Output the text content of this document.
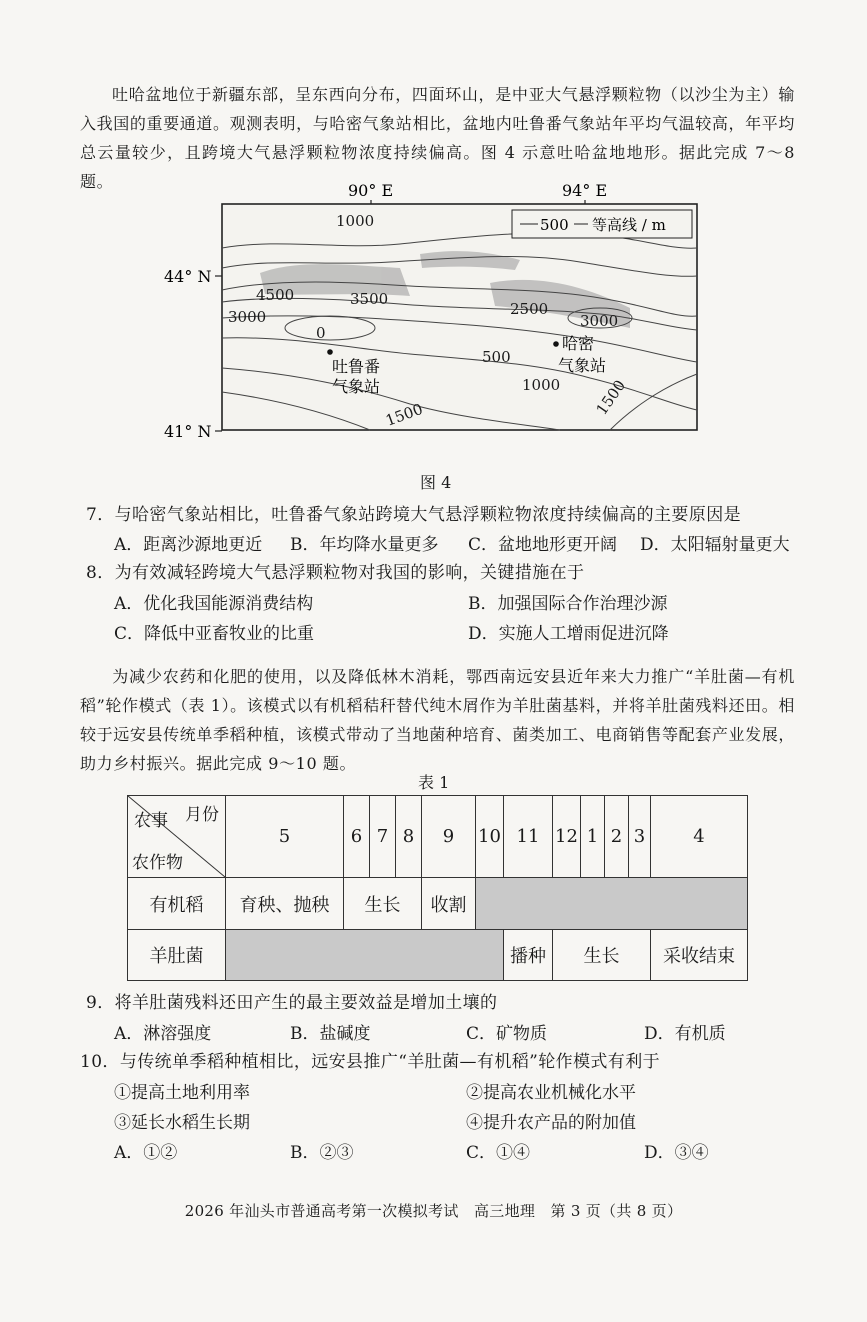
吐哈盆地位于新疆东部，呈东西向分布，四面环山，是中亚大气悬浮颗粒物（以沙尘为主）输入我国的重要通道。观测表明，与哈密气象站相比，盆地内吐鲁番气象站年平均气温较高，年平均总云量较少，且跨境大气悬浮颗粒物浓度持续偏高。图 4 示意吐哈盆地地形。据此完成 7～8 题。	90° E	94° E
44° N
41° N
500 等高线 / m
1000
4500	3500
3000
0
2500
3000
500
1000
1500	1500
吐鲁番
气象站
哈密
气象站
图 4
7．与哈密气象站相比，吐鲁番气象站跨境大气悬浮颗粒物浓度持续偏高的主要原因是
A．距离沙源地更近 B．年均降水量更多 C．盆地地形更开阔 D．太阳辐射量更大
8．为有效减轻跨境大气悬浮颗粒物对我国的影响，关键措施在于
A．优化我国能源消费结构	B．加强国际合作治理沙源
C．降低中亚畜牧业的比重	D．实施人工增雨促进沉降

为减少农药和化肥的使用，以及降低林木消耗，鄂西南远安县近年来大力推广“羊肚菌—有机稻”轮作模式（表 1）。该模式以有机稻秸秆替代纯木屑作为羊肚菌基料，并将羊肚菌残料还田。相较于远安县传统单季稻种植，该模式带动了当地菌种培育、菌类加工、电商销售等配套产业发展，助力乡村振兴。据此完成 9～10 题。

表 1
月份
农事
农作物	5	6	7	8	9	10	11	12	1	2	3	4
有机稻	育秧、抛秧	生长			收割							
羊肚菌							播种	生长				采收结束
9．将羊肚菌残料还田产生的最主要效益是增加土壤的
A．淋溶强度	B．盐碱度	C．矿物质	D．有机质
10．与传统单季稻种植相比，远安县推广“羊肚菌—有机稻”轮作模式有利于
①提高土地利用率	②提高农业机械化水平
③延长水稻生长期	④提升农产品的附加值
A．①②	B．②③	C．①④	D．③④
2026 年汕头市普通高考第一次模拟考试　高三地理　第 3 页（共 8 页）
